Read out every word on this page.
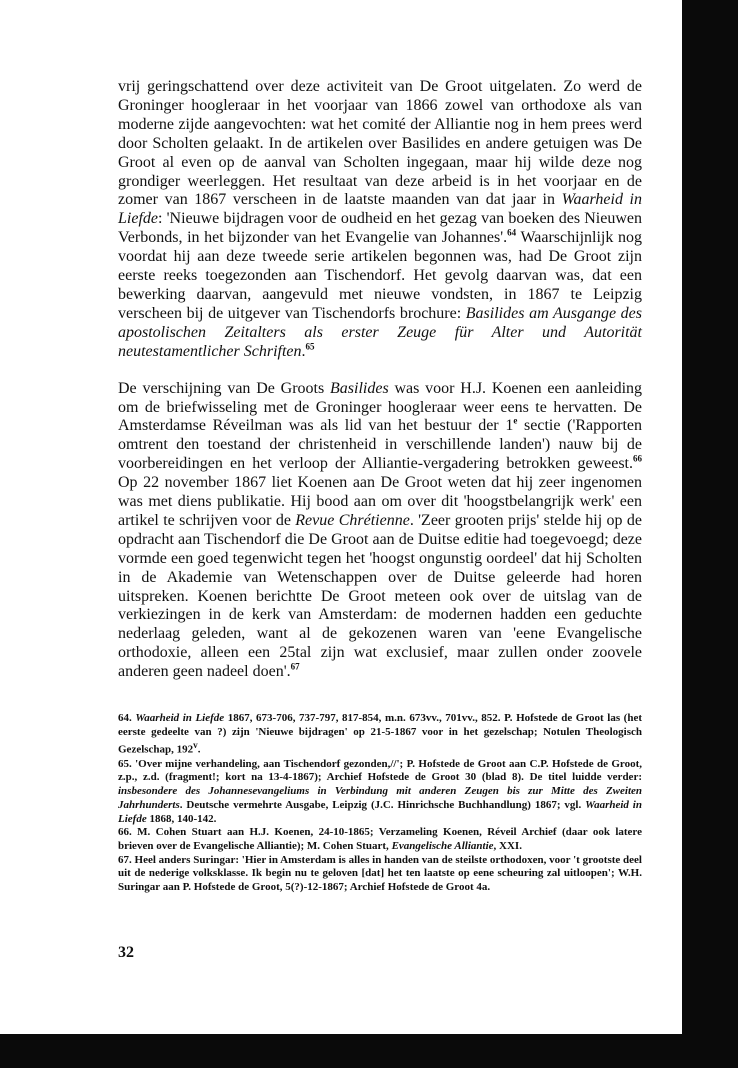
vrij geringschattend over deze activiteit van De Groot uitgelaten. Zo werd de Groninger hoogleraar in het voorjaar van 1866 zowel van orthodoxe als van moderne zijde aangevochten: wat het comité der Alliantie nog in hem prees werd door Scholten gelaakt. In de artikelen over Basilides en andere getuigen was De Groot al even op de aanval van Scholten ingegaan, maar hij wilde deze nog grondiger weerleggen. Het resultaat van deze arbeid is in het voorjaar en de zomer van 1867 verscheen in de laatste maanden van dat jaar in Waarheid in Liefde: 'Nieuwe bijdragen voor de oudheid en het gezag van boeken des Nieuwen Verbonds, in het bijzonder van het Evangelie van Johannes'.$^{64}$ Waarschijnlijk nog voordat hij aan deze tweede serie artikelen begonnen was, had De Groot zijn eerste reeks toegezonden aan Tischendorf. Het gevolg daarvan was, dat een bewerking daarvan, aangevuld met nieuwe vondsten, in 1867 te Leipzig verscheen bij de uitgever van Tischendorfs brochure: Basilides am Ausgange des apostolischen Zeitalters als erster Zeuge für Alter und Autorität neutestamentlicher Schriften.$^{65}$

De verschijning van De Groots Basilides was voor H.J. Koenen een aanleiding om de briefwisseling met de Groninger hoogleraar weer eens te hervatten. De Amsterdamse Réveilman was als lid van het bestuur der 1e sectie ('Rapporten omtrent den toestand der christenheid in verschillende landen') nauw bij de voorbereidingen en het verloop der Alliantie-vergadering betrokken geweest.$^{66}$ Op 22 november 1867 liet Koenen aan De Groot weten dat hij zeer ingenomen was met diens publikatie. Hij bood aan om over dit 'hoogstbelangrijk werk' een artikel te schrijven voor de Revue Chrétienne. 'Zeer grooten prijs' stelde hij op de opdracht aan Tischendorf die De Groot aan de Duitse editie had toegevoegd; deze vormde een goed tegenwicht tegen het 'hoogst ongunstig oordeel' dat hij Scholten in de Akademie van Wetenschappen over de Duitse geleerde had horen uitspreken. Koenen berichtte De Groot meteen ook over de uitslag van de verkiezingen in de kerk van Amsterdam: de modernen hadden een geduchte nederlaag geleden, want al de gekozenen waren van 'eene Evangelische orthodoxie, alleen een 25tal zijn wat exclusief, maar zullen onder zoovele anderen geen nadeel doen'.$^{67}$

64. Waarheid in Liefde 1867, 673-706, 737-797, 817-854, m.n. 673vv., 701vv., 852. P. Hofstede de Groot las (het eerste gedeelte van ?) zijn 'Nieuwe bijdragen' op 21-5-1867 voor in het gezelschap; Notulen Theologisch Gezelschap, 192$^v$.

65. 'Over mijne verhandeling, aan Tischendorf gezonden,//'; P. Hofstede de Groot aan C.P. Hofstede de Groot, z.p., z.d. (fragment!; kort na 13-4-1867); Archief Hofstede de Groot 30 (blad 8). De titel luidde verder: insbesondere des Johannesevangeliums in Verbindung mit anderen Zeugen bis zur Mitte des Zweiten Jahrhunderts. Deutsche vermehrte Ausgabe, Leipzig (J.C. Hinrichsche Buchhandlung) 1867; vgl. Waarheid in Liefde 1868, 140-142.

66. M. Cohen Stuart aan H.J. Koenen, 24-10-1865; Verzameling Koenen, Réveil Archief (daar ook latere brieven over de Evangelische Alliantie); M. Cohen Stuart, Evangelische Alliantie, XXI.

67. Heel anders Suringar: 'Hier in Amsterdam is alles in handen van de steilste orthodoxen, voor 't grootste deel uit de nederige volksklasse. Ik begin nu te geloven [dat] het ten laatste op eene scheuring zal uitloopen'; W.H. Suringar aan P. Hofstede de Groot, 5(?)-12-1867; Archief Hofstede de Groot 4a.

32
